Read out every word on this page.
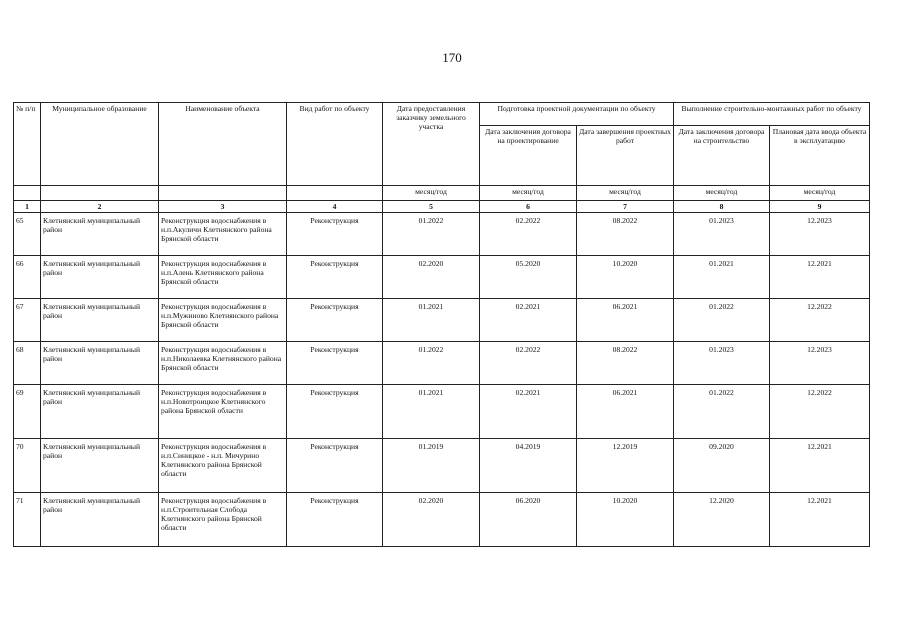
170
№ п/п	Муниципальное образование	Наименование объекта	Вид работ по объекту	Дата предоставления заказчику земельного участка	Подготовка проектной документации по объекту		Выполнение строительно-монтажных работ по объекту	
					Дата заключения договора на проектирование	Дата завершения проектных работ	Дата заключения договора на строительство	Плановая дата ввода объекта в эксплуатацию
				месяц/год	месяц/год	месяц/год	месяц/год	месяц/год
1	2	3	4	5	6	7	8	9
65	Клетнянский муниципальный район	Реконструкция водоснабжения в н.п.Акуличи Клетнянского района Брянской области	Реконструкция	01.2022	02.2022	08.2022	01.2023	12.2023
66	Клетнянский муниципальный район	Реконструкция водоснабжения в н.п.Алень Клетнянского района Брянской области	Реконструкция	02.2020	05.2020	10.2020	01.2021	12.2021
67	Клетнянский муниципальный район	Реконструкция водоснабжения в н.п.Мужиново Клетнянского района Брянской области	Реконструкция	01.2021	02.2021	06.2021	01.2022	12.2022
68	Клетнянский муниципальный район	Реконструкция водоснабжения в н.п.Николаевка Клетнянского района Брянской области	Реконструкция	01.2022	02.2022	08.2022	01.2023	12.2023
69	Клетнянский муниципальный район	Реконструкция водоснабжения в н.п.Новотроицкое Клетнянского района Брянской области	Реконструкция	01.2021	02.2021	06.2021	01.2022	12.2022
70	Клетнянский муниципальный район	Реконструкция водоснабжения в н.п.Синицкое - н.п. Мичурино Клетнянского района Брянской области	Реконструкция	01.2019	04.2019	12.2019	09.2020	12.2021
71	Клетнянский муниципальный район	Реконструкция водоснабжения в н.п.Строительная Слобода Клетнянского района Брянской области	Реконструкция	02.2020	06.2020	10.2020	12.2020	12.2021
